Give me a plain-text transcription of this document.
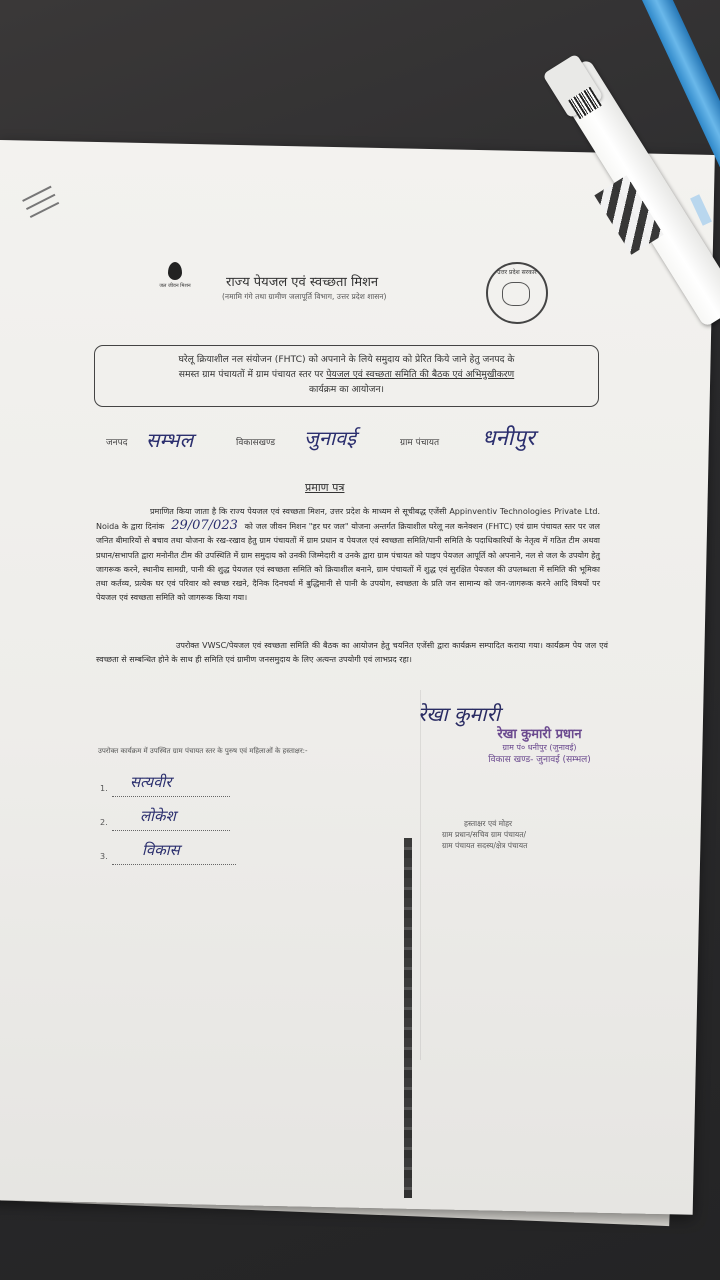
जल जीवन मिशन	राज्य पेयजल एवं स्वच्छता मिशन
(नमामि गंगे तथा ग्रामीण जलापूर्ति विभाग, उत्तर प्रदेश शासन)
उत्तर प्रदेश सरकार
घरेलू क्रियाशील नल संयोजन (FHTC) को अपनाने के लिये समुदाय को प्रेरित किये जाने हेतु जनपद के
समस्त ग्राम पंचायतों में ग्राम पंचायत स्तर पर पेयजल एवं स्वच्छता समिति की बैठक एवं अभिमुखीकरण
कार्यक्रम का आयोजन।
जनपद सम्भल	विकासखण्ड जुनावई	ग्राम पंचायत धनीपुर
प्रमाण पत्र
प्रमाणित किया जाता है कि राज्य पेयजल एवं स्वच्छता मिशन, उत्तर प्रदेश के माध्यम से सूचीबद्ध एजेंसी Appinventiv Technologies Private Ltd. Noida के द्वारा दिनांक 29/07/023 को जल जीवन मिशन "हर घर जल" योजना अन्तर्गत क्रियाशील घरेलू नल कनेक्शन (FHTC) एवं ग्राम पंचायत स्तर पर जल जनित बीमारियों से बचाव तथा योजना के रख-रखाव हेतु ग्राम पंचायतों में ग्राम प्रधान व पेयजल एवं स्वच्छता समिति/पानी समिति के पदाधिकारियों के नेतृत्व में गठित टीम अथवा प्रधान/सभापति द्वारा मनोनीत टीम की उपस्थिति में ग्राम समुदाय को उनकी जिम्मेदारी व उनके द्वारा ग्राम पंचायत को पाइप पेयजल आपूर्ति को अपनाने, नल से जल के उपयोग हेतु जागरूक करने, स्थानीय सामग्री, पानी की शुद्ध पेयजल एवं स्वच्छता समिति को क्रियाशील बनाने, ग्राम पंचायतों में शुद्ध एवं सुरक्षित पेयजल की उपलब्धता में समिति की भूमिका तथा कर्तव्य, प्रत्येक घर एवं परिवार को स्वच्छ रखने, दैनिक दिनचर्या में बुद्धिमानी से पानी के उपयोग, स्वच्छता के प्रति जन सामान्य को जन-जागरूक करने आदि विषयों पर पेयजल एवं स्वच्छता समिति को जागरूक किया गया।
उपरोक्त VWSC/पेयजल एवं स्वच्छता समिति की बैठक का आयोजन हेतु चयनित एजेंसी द्वारा कार्यक्रम सम्पादित कराया गया। कार्यक्रम पेय जल एवं स्वच्छता से सम्बन्धित होने के साथ ही समिति एवं ग्रामीण जनसमुदाय के लिए अत्यन्त उपयोगी एवं लाभप्रद रहा।
रेखा कुमारी
रेखा कुमारी प्रधान
ग्राम पं० धनीपुर (जुनावई)
विकास खण्ड- जुनावई (सम्भल)
उपरोक्त कार्यक्रम में उपस्थित ग्राम पंचायत स्तर के पुरुष एवं महिलाओं के हस्ताक्षर:-
1. सत्यवीर
2. लोकेश
3. विकास
हस्ताक्षर एवं मोहर
ग्राम प्रधान/सचिव ग्राम पंचायत/
ग्राम पंचायत सदस्य/क्षेत्र पंचायत
